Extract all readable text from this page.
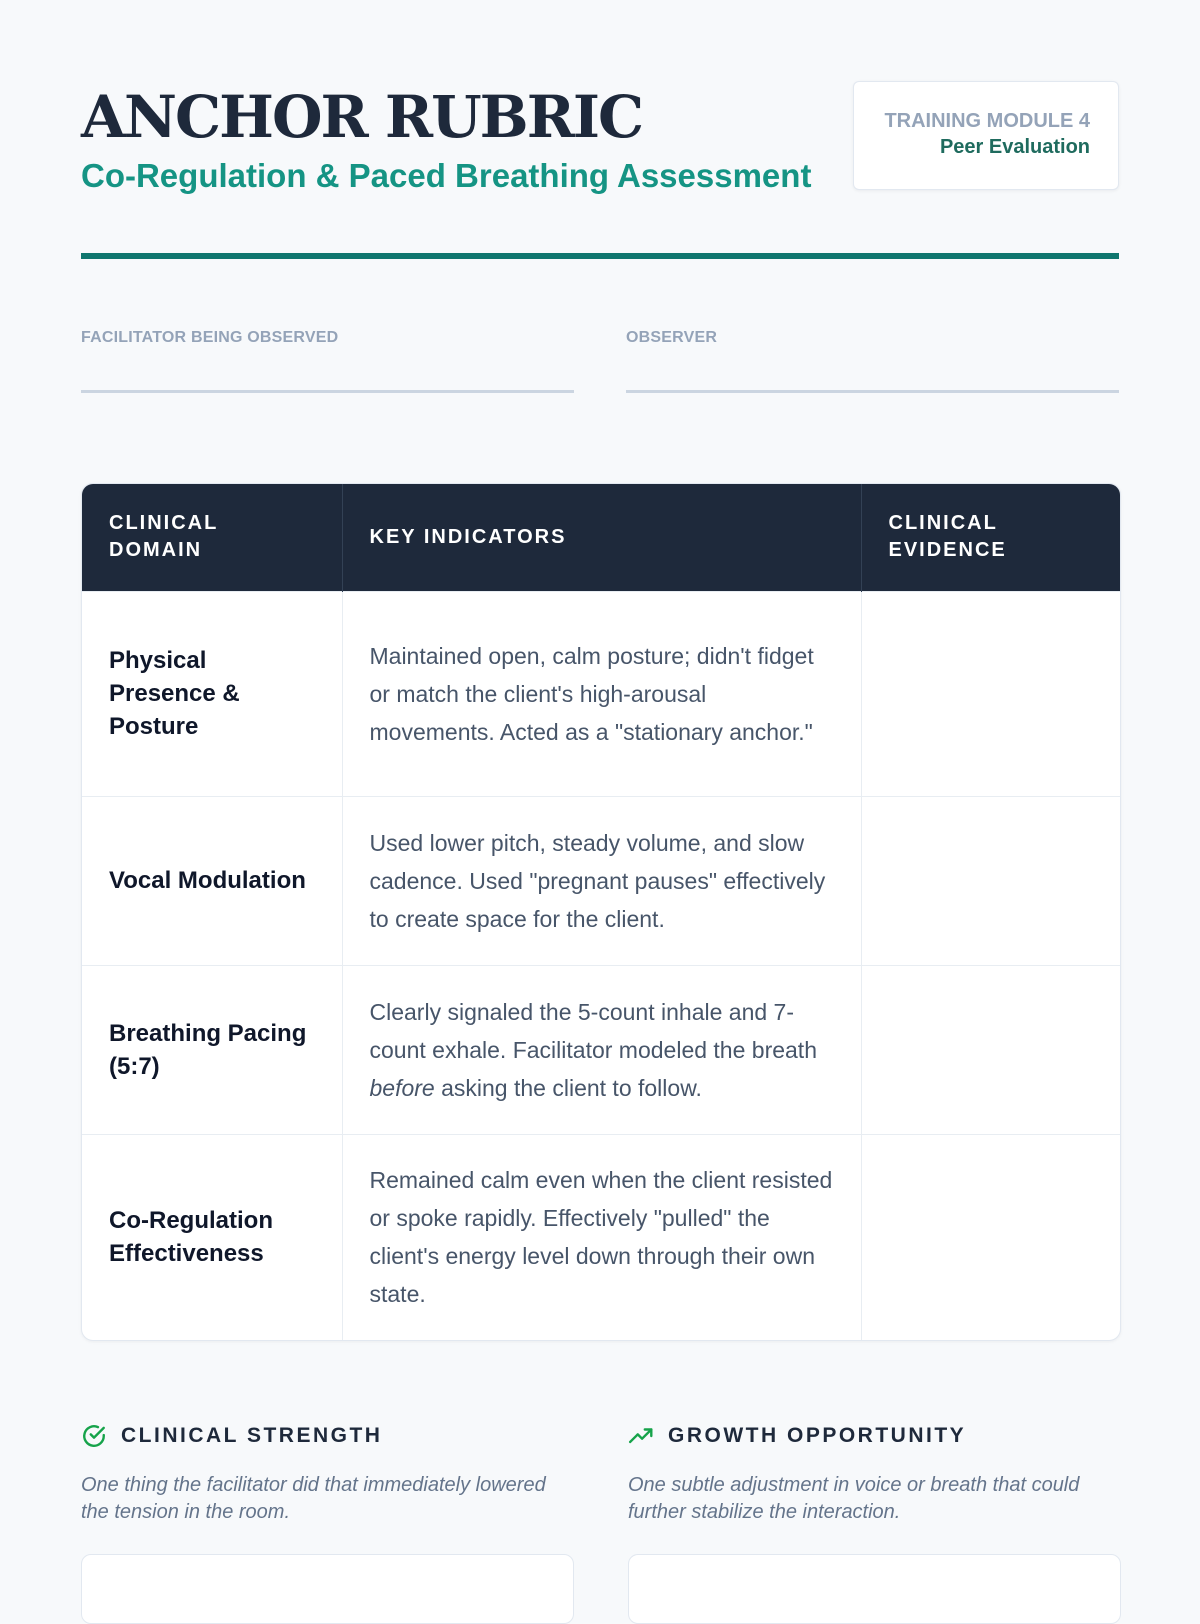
ANCHOR RUBRIC
Co-Regulation & Paced Breathing Assessment
TRAINING MODULE 4
Peer Evaluation
FACILITATOR BEING OBSERVED	OBSERVER
CLINICAL DOMAIN	KEY INDICATORS	CLINICAL EVIDENCE
Physical Presence & Posture	Maintained open, calm posture; didn't fidget or match the client's high-arousal movements. Acted as a "stationary anchor."	
Vocal Modulation	Used lower pitch, steady volume, and slow cadence. Used "pregnant pauses" effectively to create space for the client.	
Breathing Pacing (5:7)	Clearly signaled the 5-count inhale and 7-count exhale. Facilitator modeled the breath before asking the client to follow.	
Co-Regulation Effectiveness	Remained calm even when the client resisted or spoke rapidly. Effectively "pulled" the client's energy level down through their own state.	
CLINICAL STRENGTH

One thing the facilitator did that immediately lowered the tension in the room.

GROWTH OPPORTUNITY

One subtle adjustment in voice or breath that could further stabilize the interaction.
